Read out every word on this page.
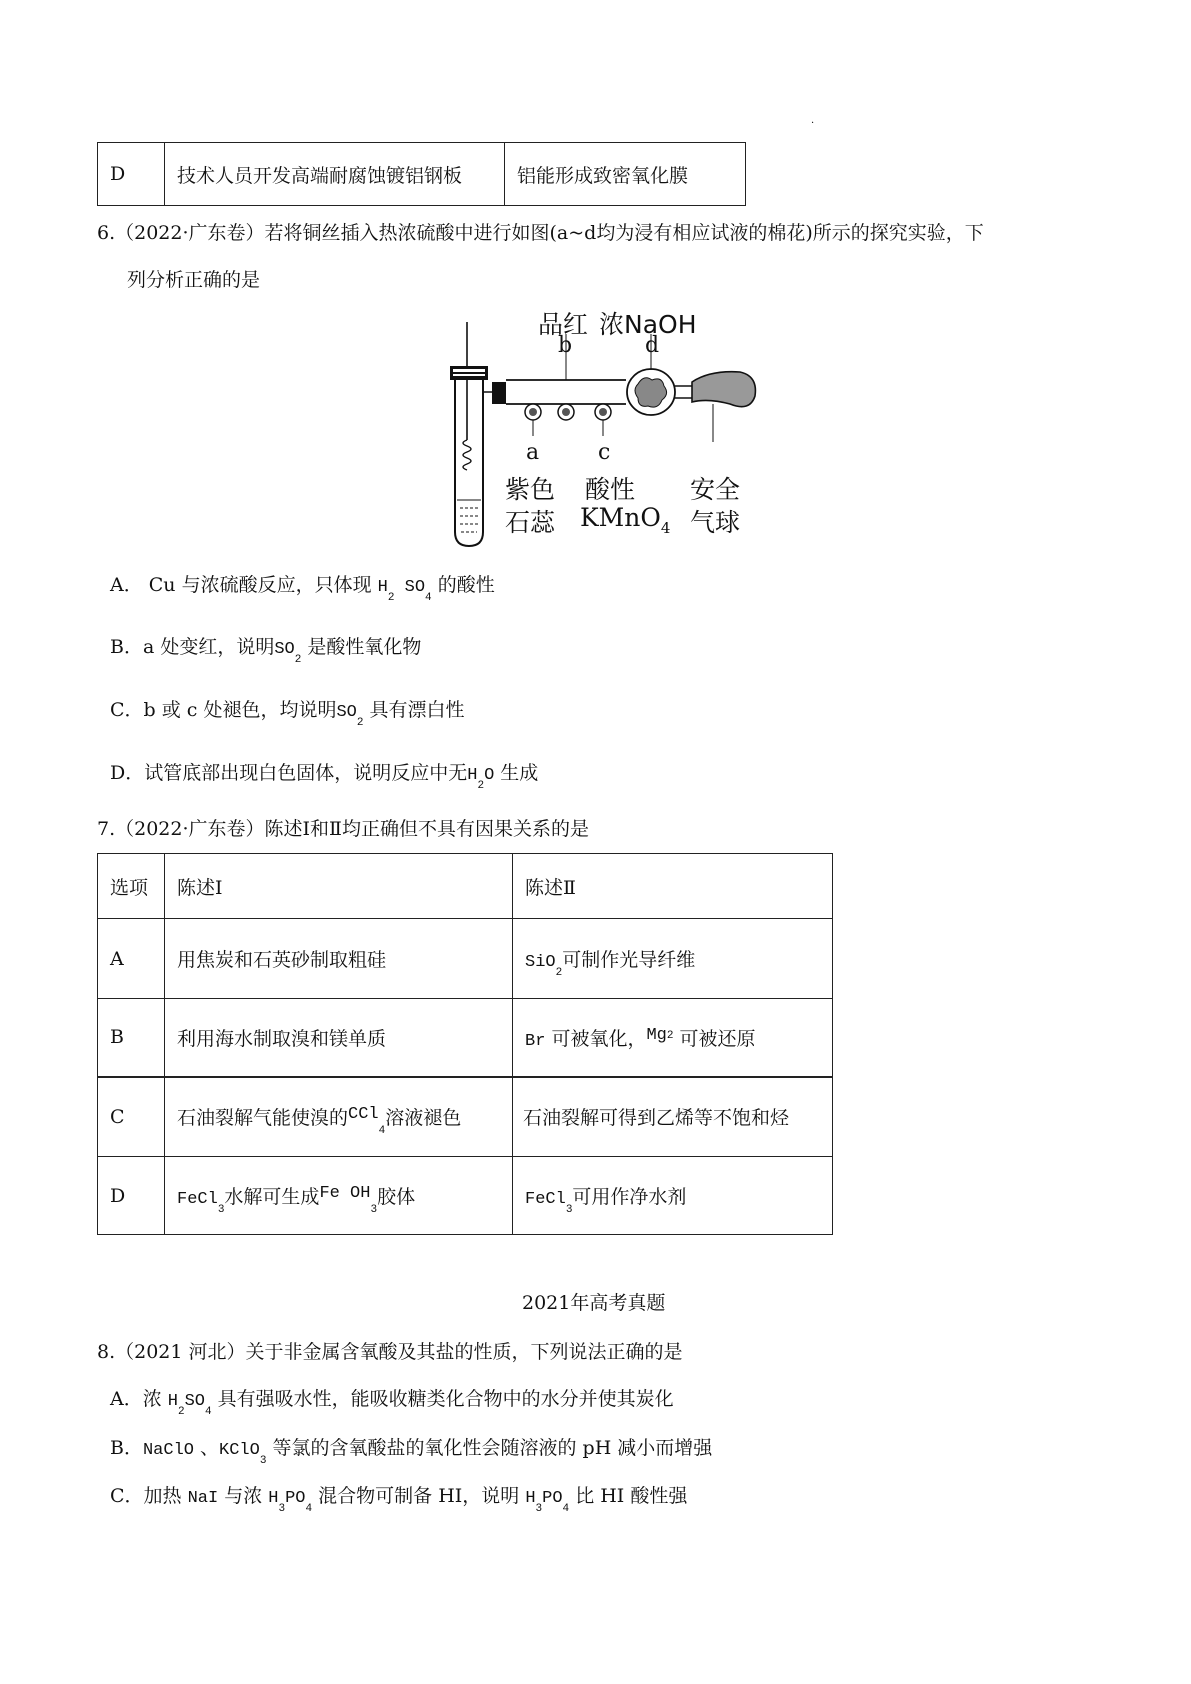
·
D	技术人员开发高端耐腐蚀镀铝钢板	铝能形成致密氧化膜
6.（2022·广东卷）若将铜丝插入热浓硫酸中进行如图(a~d均为浸有相应试液的棉花)所示的探究实验，下
列分析正确的是
品红 浓NaOH
b	d
a	c
紫色
石蕊
酸性
KMnO$_4$
安全
气球
A． Cu 与浓硫酸反应，只体现 $H_2$ $SO_4$ 的酸性
B．a 处变红，说明$SO_2$ 是酸性氧化物
C．b 或 c 处褪色，均说明$SO_2$ 具有漂白性
D．试管底部出现白色固体，说明反应中无$H_2O$ 生成
7.（2022·广东卷）陈述Ⅰ和Ⅱ均正确但不具有因果关系的是
选项	陈述Ⅰ	陈述Ⅱ
A	用焦炭和石英砂制取粗硅	SiO$_2$可制作光导纤维
B	利用海水制取溴和镁单质	Br 可被氧化，Mg$^2$ 可被还原
C	石油裂解气能使溴的CCl$_4$溶液褪色	石油裂解可得到乙烯等不饱和烃
D	FeCl$_3$水解可生成Fe $OH_3$胶体	FeCl$_3$可用作净水剂
2021年高考真题
8.（2021 河北）关于非金属含氧酸及其盐的性质，下列说法正确的是
A．浓 $H_2SO_4$ 具有强吸水性，能吸收糖类化合物中的水分并使其炭化
B．NaClO 、KClO$_3$ 等氯的含氧酸盐的氧化性会随溶液的 pH 减小而增强
C．加热 NaI 与浓 $H_3PO_4$ 混合物可制备 HI，说明 $H_3PO_4$ 比 HI 酸性强
